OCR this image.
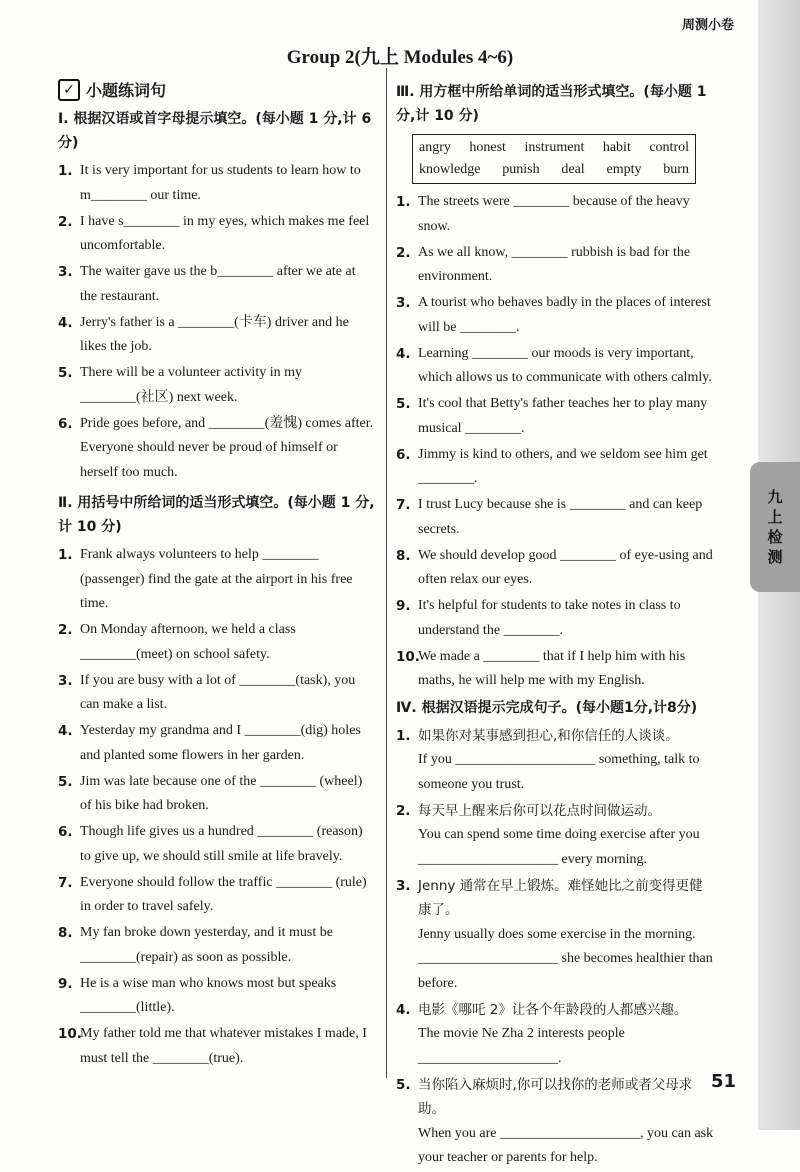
周测小卷
Group 2(九上 Modules 4~6)
✓ 小题练词句
Ⅰ. 根据汉语或首字母提示填空。(每小题 1 分,计 6 分)
1. It is very important for us students to learn how to m________ our time.
2. I have s________ in my eyes, which makes me feel uncomfortable.
3. The waiter gave us the b________ after we ate at the restaurant.
4. Jerry's father is a ________(卡车) driver and he likes the job.
5. There will be a volunteer activity in my ________(社区) next week.
6. Pride goes before, and ________(羞愧) comes after. Everyone should never be proud of himself or herself too much.
Ⅱ. 用括号中所给词的适当形式填空。(每小题 1 分,计 10 分)
1. Frank always volunteers to help ________ (passenger) find the gate at the airport in his free time.
2. On Monday afternoon, we held a class ________(meet) on school safety.
3. If you are busy with a lot of ________(task), you can make a list.
4. Yesterday my grandma and I ________(dig) holes and planted some flowers in her garden.
5. Jim was late because one of the ________ (wheel) of his bike had broken.
6. Though life gives us a hundred ________ (reason) to give up, we should still smile at life bravely.
7. Everyone should follow the traffic ________ (rule) in order to travel safely.
8. My fan broke down yesterday, and it must be ________(repair) as soon as possible.
9. He is a wise man who knows most but speaks ________(little).
10.
My father told me that whatever mistakes I made, I must tell the ________(true).
Ⅲ. 用方框中所给单词的适当形式填空。(每小题 1 分,计 10 分)
angry honest instrument habit control
knowledge punish deal empty burn
1. The streets were ________ because of the heavy snow.
2. As we all know, ________ rubbish is bad for the environment.
3. A tourist who behaves badly in the places of interest will be ________.
4. Learning ________ our moods is very important, which allows us to communicate with others calmly.
5. It's cool that Betty's father teaches her to play many musical ________.
6. Jimmy is kind to others, and we seldom see him get ________.
7. I trust Lucy because she is ________ and can keep secrets.
8. We should develop good ________ of eye-using and often relax our eyes.
9. It's helpful for students to take notes in class to understand the ________.
10.
We made a ________ that if I help him with his maths, he will help me with my English.
Ⅳ. 根据汉语提示完成句子。(每小题1分,计8分)
1. 如果你对某事感到担心,和你信任的人谈谈。
If you ____________________ something, talk to someone you trust.
2. 每天早上醒来后你可以花点时间做运动。
You can spend some time doing exercise after you ____________________ every morning.
3. Jenny 通常在早上锻炼。难怪她比之前变得更健康了。
Jenny usually does some exercise in the morning. ____________________ she becomes healthier than before.
4. 电影《哪吒 2》让各个年龄段的人都感兴趣。
The movie Ne Zha 2 interests people ____________________.
5. 当你陷入麻烦时,你可以找你的老师或者父母求助。
When you are ____________________, you can ask your teacher or parents for help.
九
上
检
测
51
